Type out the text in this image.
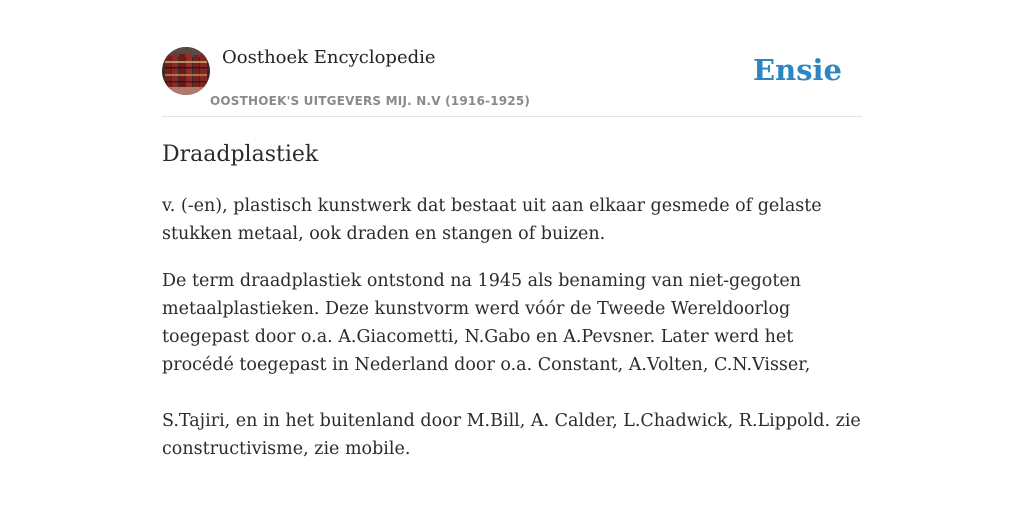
Oosthoek Encyclopedie
OOSTHOEK'S UITGEVERS MIJ. N.V (1916-1925)
Ensie
Draadplastiek

v. (-en), plastisch kunstwerk dat bestaat uit aan elkaar gesmede of gelaste stukken metaal, ook draden en stangen of buizen.

De term draadplastiek ontstond na 1945 als benaming van niet-gegoten metaalplastieken. Deze kunstvorm werd vóór de Tweede Wereldoorlog toegepast door o.a. A.Giacometti, N.Gabo en A.Pevsner. Later werd het procédé toegepast in Nederland door o.a. Constant, A.Volten, C.N.Visser,

S.Tajiri, en in het buitenland door M.Bill, A. Calder, L.Chadwick, R.Lippold. zie constructivisme, zie mobile.
